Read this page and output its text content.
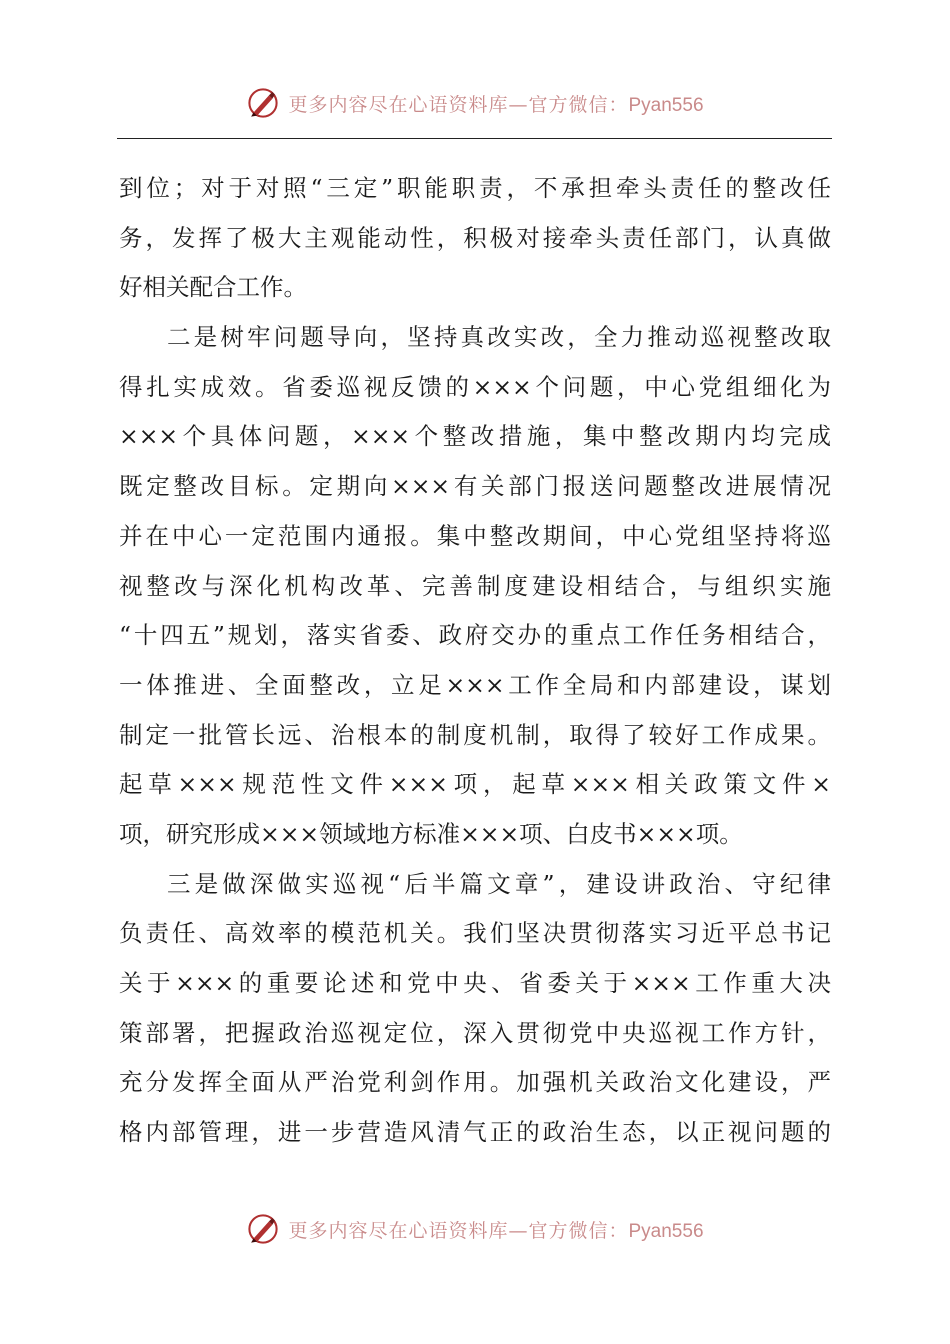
更多内容尽在心语资料库—官方微信：Pyan556
到位；对于对照“三定”职能职责，不承担牵头责任的整改任
务，发挥了极大主观能动性，积极对接牵头责任部门，认真做
好相关配合工作。
二是树牢问题导向，坚持真改实改，全力推动巡视整改取
得扎实成效。省委巡视反馈的×××个问题，中心党组细化为
×××个具体问题，×××个整改措施，集中整改期内均完成
既定整改目标。定期向×××有关部门报送问题整改进展情况
并在中心一定范围内通报。集中整改期间，中心党组坚持将巡
视整改与深化机构改革、完善制度建设相结合，与组织实施
“十四五”规划，落实省委、政府交办的重点工作任务相结合，
一体推进、全面整改，立足×××工作全局和内部建设，谋划
制定一批管长远、治根本的制度机制，取得了较好工作成果。
起草×××规范性文件×××项，起草×××相关政策文件×
项，研究形成×××领域地方标准×××项、白皮书×××项。
三是做深做实巡视“后半篇文章”，建设讲政治、守纪律
负责任、高效率的模范机关。我们坚决贯彻落实习近平总书记
关于×××的重要论述和党中央、省委关于×××工作重大决
策部署，把握政治巡视定位，深入贯彻党中央巡视工作方针，
充分发挥全面从严治党利剑作用。加强机关政治文化建设，严
格内部管理，进一步营造风清气正的政治生态，以正视问题的
更多内容尽在心语资料库—官方微信：Pyan556
